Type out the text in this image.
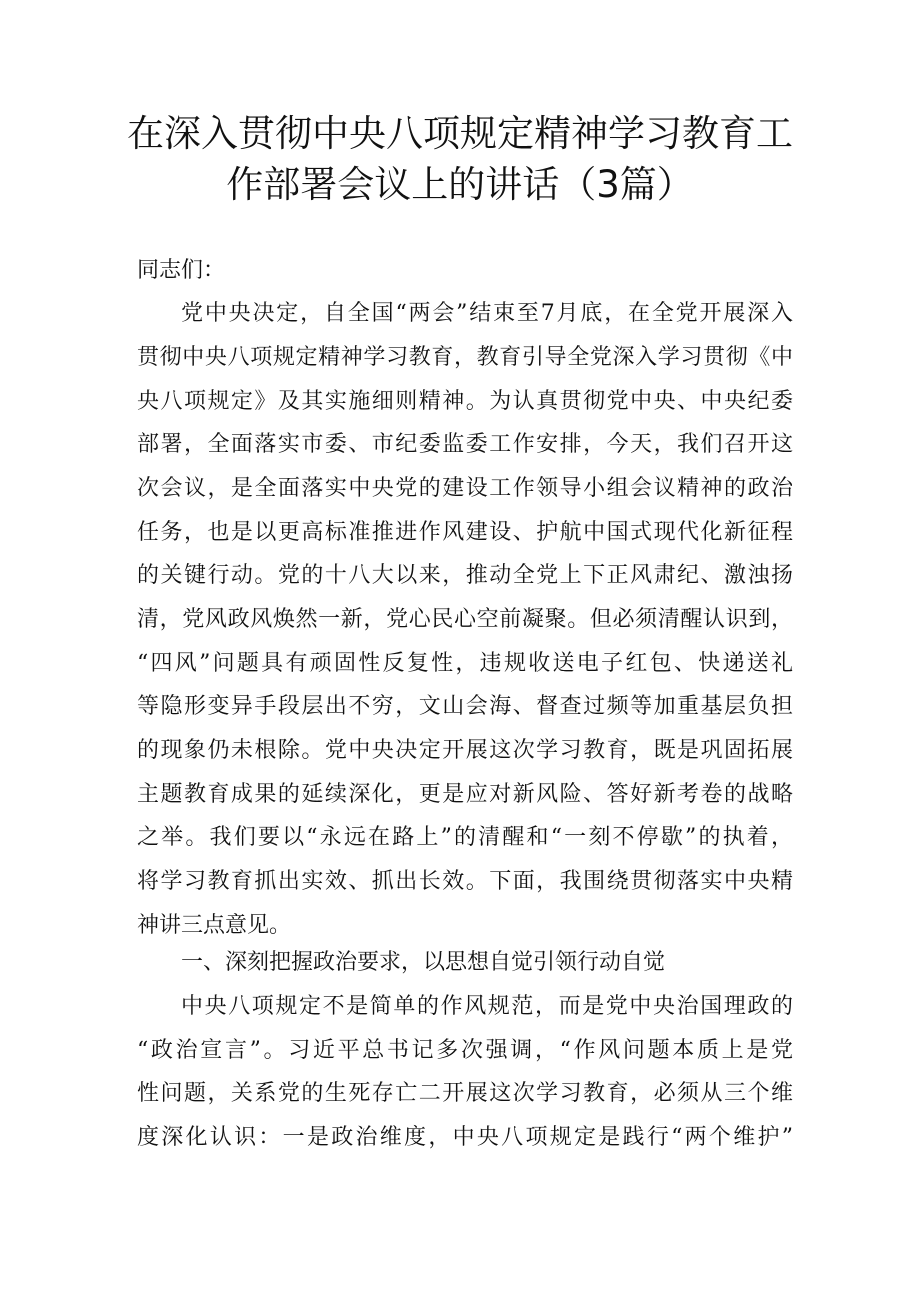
在深入贯彻中央八项规定精神学习教育工
作部署会议上的讲话（3篇）
同志们：
党中央决定，自全国“两会”结束至7月底，在全党开展深入
贯彻中央八项规定精神学习教育，教育引导全党深入学习贯彻《中
央八项规定》及其实施细则精神。为认真贯彻党中央、中央纪委
部署，全面落实市委、市纪委监委工作安排，今天，我们召开这
次会议，是全面落实中央党的建设工作领导小组会议精神的政治
任务，也是以更高标准推进作风建设、护航中国式现代化新征程
的关键行动。党的十八大以来，推动全党上下正风肃纪、激浊扬
清，党风政风焕然一新，党心民心空前凝聚。但必须清醒认识到，
“四风”问题具有顽固性反复性，违规收送电子红包、快递送礼
等隐形变异手段层出不穷，文山会海、督查过频等加重基层负担
的现象仍未根除。党中央决定开展这次学习教育，既是巩固拓展
主题教育成果的延续深化，更是应对新风险、答好新考卷的战略
之举。我们要以“永远在路上”的清醒和“一刻不停歇”的执着，
将学习教育抓出实效、抓出长效。下面，我围绕贯彻落实中央精
神讲三点意见。
一、深刻把握政治要求，以思想自觉引领行动自觉
中央八项规定不是简单的作风规范，而是党中央治国理政的
“政治宣言”。习近平总书记多次强调，“作风问题本质上是党
性问题，关系党的生死存亡二开展这次学习教育，必须从三个维
度深化认识：一是政治维度，中央八项规定是践行“两个维护”
